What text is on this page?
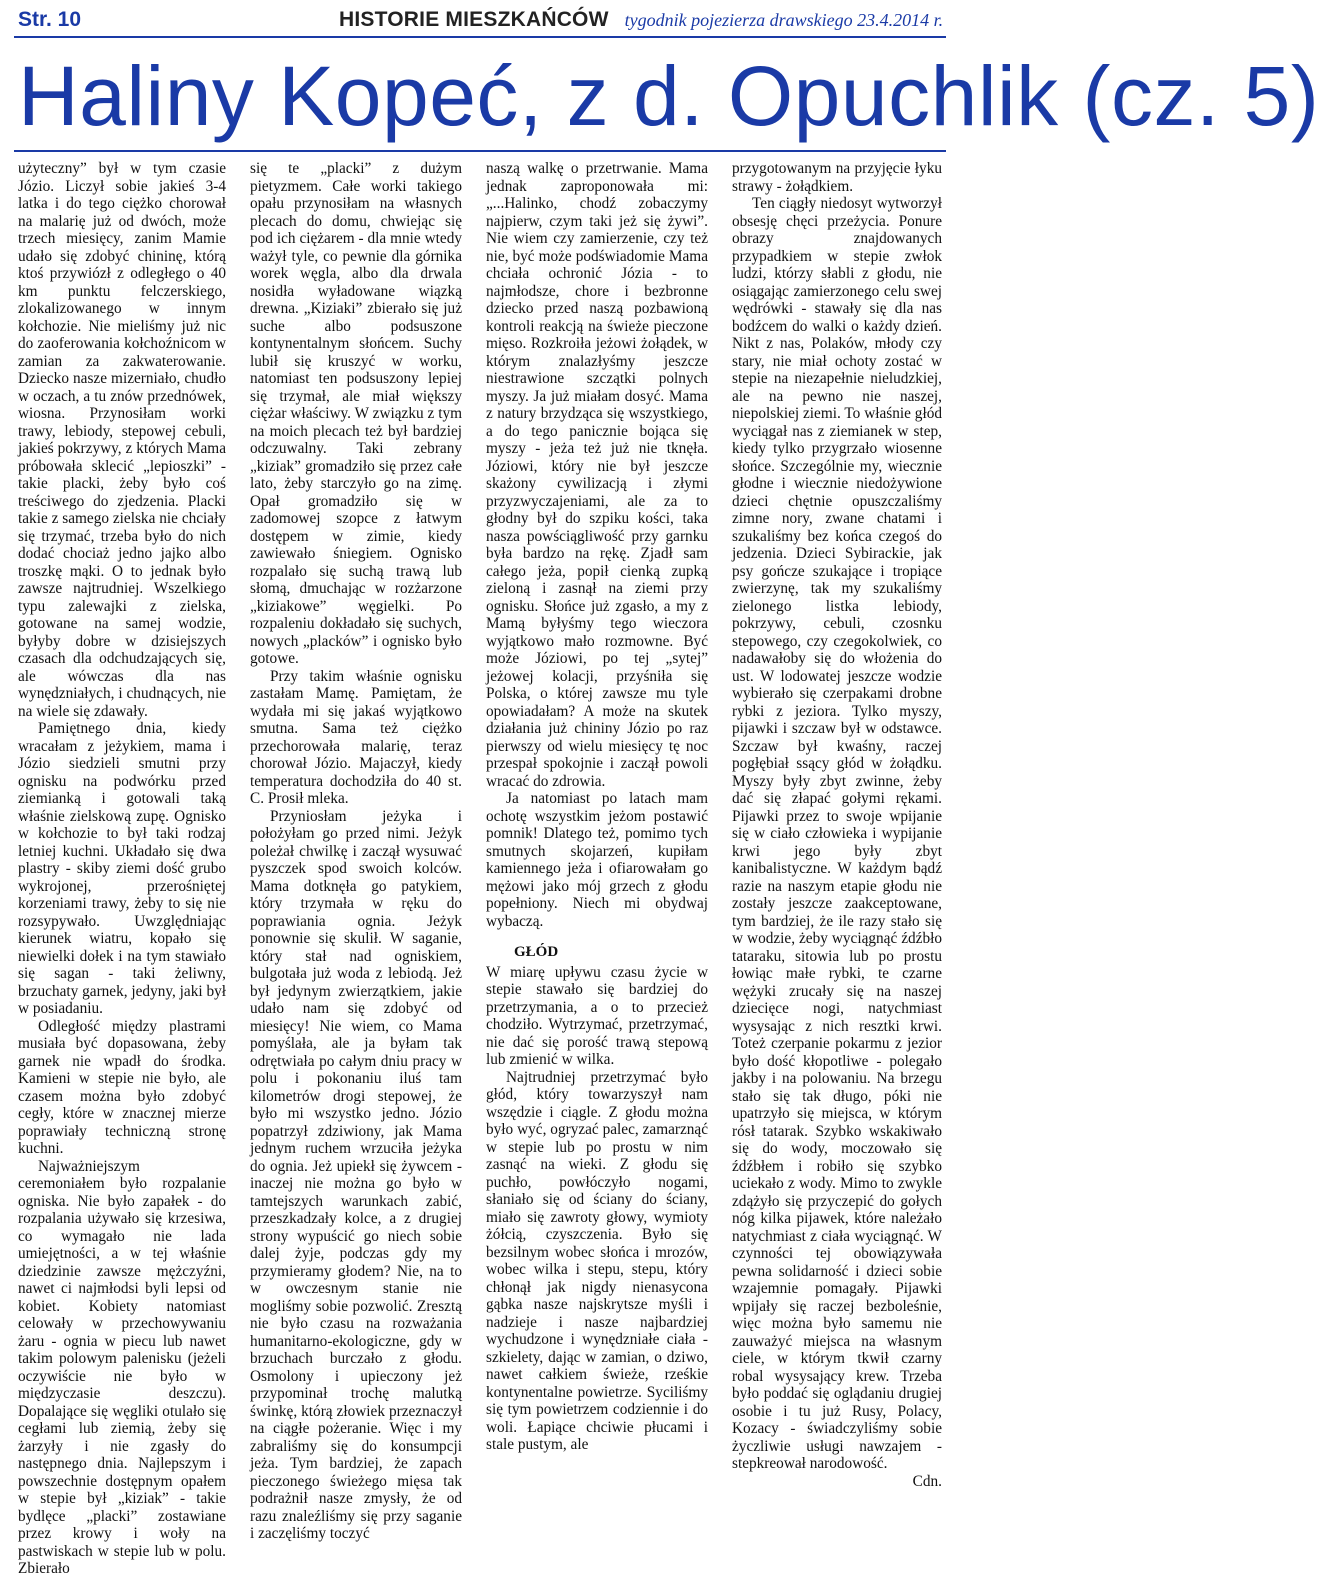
Str. 10	HISTORIE MIESZKAŃCÓW tygodnik pojezierza drawskiego 23.4.2014 r.
Haliny Kopeć, z d. Opuchlik (cz. 5)

użyteczny” był w tym czasie Józio. Liczył sobie jakieś 3-4 latka i do tego ciężko chorował na malarię już od dwóch, może trzech miesięcy, zanim Mamie udało się zdobyć chininę, którą ktoś przywiózł z odległego o 40 km punktu felczerskiego, zlokalizowanego w innym kołchozie. Nie mieliśmy już nic do zaoferowania kołchoźnicom w zamian za zakwaterowanie. Dziecko nasze mizerniało, chudło w oczach, a tu znów przednówek, wiosna. Przynosiłam worki trawy, lebiody, stepowej cebuli, jakieś pokrzywy, z których Mama próbowała sklecić „lepioszki” - takie placki, żeby było coś treściwego do zjedzenia. Placki takie z samego zielska nie chciały się trzymać, trzeba było do nich dodać chociaż jedno jajko albo troszkę mąki. O to jednak było zawsze najtrudniej. Wszelkiego typu zalewajki z zielska, gotowane na samej wodzie, byłyby dobre w dzisiejszych czasach dla odchudzających się, ale wówczas dla nas wynędzniałych, i chudnących, nie na wiele się zdawały.

Pamiętnego dnia, kiedy wracałam z jeżykiem, mama i Józio siedzieli smutni przy ognisku na podwórku przed ziemianką i gotowali taką właśnie zielskową zupę. Ognisko w kołchozie to był taki rodzaj letniej kuchni. Układało się dwa plastry - skiby ziemi dość grubo wykrojonej, przerośniętej korzeniami trawy, żeby to się nie rozsypywało. Uwzględniając kierunek wiatru, kopało się niewielki dołek i na tym stawiało się sagan - taki żeliwny, brzuchaty garnek, jedyny, jaki był w posiadaniu.

Odległość między plastrami musiała być dopasowana, żeby garnek nie wpadł do środka. Kamieni w stepie nie było, ale czasem można było zdobyć cegły, które w znacznej mierze poprawiały techniczną stronę kuchni.

Najważniejszym ceremoniałem było rozpalanie ogniska. Nie było zapałek - do rozpalania używało się krzesiwa, co wymagało nie lada umiejętności, a w tej właśnie dziedzinie zawsze mężczyźni, nawet ci najmłodsi byli lepsi od kobiet. Kobiety natomiast celowały w przechowywaniu żaru - ognia w piecu lub nawet takim polowym palenisku (jeżeli oczywiście nie było w międzyczasie deszczu). Dopalające się węgliki otulało się cegłami lub ziemią, żeby się żarzyły i nie zgasły do następnego dnia. Najlepszym i powszechnie dostępnym opałem w stepie był „kiziak” - takie bydlęce „placki” zostawiane przez krowy i woły na pastwiskach w stepie lub w polu. Zbierało

się te „placki” z dużym pietyzmem. Całe worki takiego opału przynosiłam na własnych plecach do domu, chwiejąc się pod ich ciężarem - dla mnie wtedy ważył tyle, co pewnie dla górnika worek węgla, albo dla drwala nosidła wyładowane wiązką drewna. „Kiziaki” zbierało się już suche albo podsuszone kontynentalnym słońcem. Suchy lubił się kruszyć w worku, natomiast ten podsuszony lepiej się trzymał, ale miał większy ciężar właściwy. W związku z tym na moich plecach też był bardziej odczuwalny. Taki zebrany „kiziak” gromadziło się przez całe lato, żeby starczyło go na zimę. Opał gromadziło się w zadomowej szopce z łatwym dostępem w zimie, kiedy zawiewało śniegiem. Ognisko rozpalało się suchą trawą lub słomą, dmuchając w rozżarzone „kiziakowe” węgielki. Po rozpaleniu dokładało się suchych, nowych „placków” i ognisko było gotowe.

Przy takim właśnie ognisku zastałam Mamę. Pamiętam, że wydała mi się jakaś wyjątkowo smutna. Sama też ciężko przechorowała malarię, teraz chorował Józio. Majaczył, kiedy temperatura dochodziła do 40 st. C. Prosił mleka.

Przyniosłam jeżyka i położyłam go przed nimi. Jeżyk poleżał chwilkę i zaczął wysuwać pyszczek spod swoich kolców. Mama dotknęła go patykiem, który trzymała w ręku do poprawiania ognia. Jeżyk ponownie się skulił. W saganie, który stał nad ogniskiem, bulgotała już woda z lebiodą. Jeż był jedynym zwierzątkiem, jakie udało nam się zdobyć od miesięcy! Nie wiem, co Mama pomyślała, ale ja byłam tak odrętwiała po całym dniu pracy w polu i pokonaniu iluś tam kilometrów drogi stepowej, że było mi wszystko jedno. Józio popatrzył zdziwiony, jak Mama jednym ruchem wrzuciła jeżyka do ognia. Jeż upiekł się żywcem - inaczej nie można go było w tamtejszych warunkach zabić, przeszkadzały kolce, a z drugiej strony wypuścić go niech sobie dalej żyje, podczas gdy my przymieramy głodem? Nie, na to w owczesnym stanie nie mogliśmy sobie pozwolić. Zresztą nie było czasu na rozważania humanitarno-ekologiczne, gdy w brzuchach burczało z głodu. Osmolony i upieczony jeż przypominał trochę malutką świnkę, którą złowiek przeznaczył na ciągłe pożeranie. Więc i my zabraliśmy się do konsumpcji jeża. Tym bardziej, że zapach pieczonego świeżego mięsa tak podrażnił nasze zmysły, że od razu znaleźliśmy się przy saganie i zaczęliśmy toczyć

naszą walkę o przetrwanie. Mama jednak zaproponowała mi: „...Halinko, chodź zobaczymy najpierw, czym taki jeż się żywi”. Nie wiem czy zamierzenie, czy też nie, być może podświadomie Mama chciała ochronić Józia - to najmłodsze, chore i bezbronne dziecko przed naszą pozbawioną kontroli reakcją na świeże pieczone mięso. Rozkroiła jeżowi żołądek, w którym znalazłyśmy jeszcze niestrawione szczątki polnych myszy. Ja już miałam dosyć. Mama z natury brzydząca się wszystkiego, a do tego panicznie bojąca się myszy - jeża też już nie tknęła. Józiowi, który nie był jeszcze skażony cywilizacją i złymi przyzwyczajeniami, ale za to głodny był do szpiku kości, taka nasza powściągliwość przy garnku była bardzo na rękę. Zjadł sam całego jeża, popił cienką zupką zieloną i zasnął na ziemi przy ognisku. Słońce już zgasło, a my z Mamą byłyśmy tego wieczora wyjątkowo mało rozmowne. Być może Józiowi, po tej „sytej” jeżowej kolacji, przyśniła się Polska, o której zawsze mu tyle opowiadałam? A może na skutek działania już chininy Józio po raz pierwszy od wielu miesięcy tę noc przespał spokojnie i zaczął powoli wracać do zdrowia.

Ja natomiast po latach mam ochotę wszystkim jeżom postawić pomnik! Dlatego też, pomimo tych smutnych skojarzeń, kupiłam kamiennego jeża i ofiarowałam go mężowi jako mój grzech z głodu popełniony. Niech mi obydwaj wybaczą.

GŁÓD

W miarę upływu czasu życie w stepie stawało się bardziej do przetrzymania, a o to przecież chodziło. Wytrzymać, przetrzymać, nie dać się porość trawą stepową lub zmienić w wilka.

Najtrudniej przetrzymać było głód, który towarzyszył nam wszędzie i ciągle. Z głodu można było wyć, ogryzać palec, zamarznąć w stepie lub po prostu w nim zasnąć na wieki. Z głodu się puchło, powłóczyło nogami, słaniało się od ściany do ściany, miało się zawroty głowy, wymioty żółcią, czyszczenia. Było się bezsilnym wobec słońca i mrozów, wobec wilka i stepu, stepu, który chłonął jak nigdy nienasycona gąbka nasze najskrytsze myśli i nadzieje i nasze najbardziej wychudzone i wynędzniałe ciała - szkielety, dając w zamian, o dziwo, nawet całkiem świeże, rześkie kontynentalne powietrze. Syciliśmy się tym powietrzem codziennie i do woli. Łapiące chciwie płucami i stale pustym, ale

przygotowanym na przyjęcie łyku strawy - żołądkiem.

Ten ciągły niedosyt wytworzył obsesję chęci przeżycia. Ponure obrazy znajdowanych przypadkiem w stepie zwłok ludzi, którzy słabli z głodu, nie osiągając zamierzonego celu swej wędrówki - stawały się dla nas bodźcem do walki o każdy dzień. Nikt z nas, Polaków, młody czy stary, nie miał ochoty zostać w stepie na niezapełnie nieludzkiej, ale na pewno nie naszej, niepolskiej ziemi. To właśnie głód wyciągał nas z ziemianek w step, kiedy tylko przygrzało wiosenne słońce. Szczególnie my, wiecznie głodne i wiecznie niedożywione dzieci chętnie opuszczaliśmy zimne nory, zwane chatami i szukaliśmy bez końca czegoś do jedzenia. Dzieci Sybirackie, jak psy gończe szukające i tropiące zwierzynę, tak my szukaliśmy zielonego listka lebiody, pokrzywy, cebuli, czosnku stepowego, czy czegokolwiek, co nadawałoby się do włożenia do ust. W lodowatej jeszcze wodzie wybierało się czerpakami drobne rybki z jeziora. Tylko myszy, pijawki i szczaw był w odstawce. Szczaw był kwaśny, raczej pogłębiał ssący głód w żołądku. Myszy były zbyt zwinne, żeby dać się złapać gołymi rękami. Pijawki przez to swoje wpijanie się w ciało człowieka i wypijanie krwi jego były zbyt kanibalistyczne. W każdym bądź razie na naszym etapie głodu nie zostały jeszcze zaakceptowane, tym bardziej, że ile razy stało się w wodzie, żeby wyciągnąć źdźbło tataraku, sitowia lub po prostu łowiąc małe rybki, te czarne wężyki zrucały się na naszej dziecięce nogi, natychmiast wysysając z nich resztki krwi. Toteż czerpanie pokarmu z jezior było dość kłopotliwe - polegało jakby i na polowaniu. Na brzegu stało się tak długo, póki nie upatrzyło się miejsca, w którym rósł tatarak. Szybko wskakiwało się do wody, moczowało się źdźbłem i robiło się szybko uciekało z wody. Mimo to zwykle zdążyło się przyczepić do gołych nóg kilka pijawek, które należało natychmiast z ciała wyciągnąć. W czynności tej obowiązywała pewna solidarność i dzieci sobie wzajemnie pomagały. Pijawki wpijały się raczej bezboleśnie, więc można było samemu nie zauważyć miejsca na własnym ciele, w którym tkwił czarny robal wysysający krew. Trzeba było poddać się oglądaniu drugiej osobie i tu już Rusy, Polacy, Kozacy - świadczyliśmy sobie życzliwie usługi nawzajem - stepkreował narodowość.

Cdn.
